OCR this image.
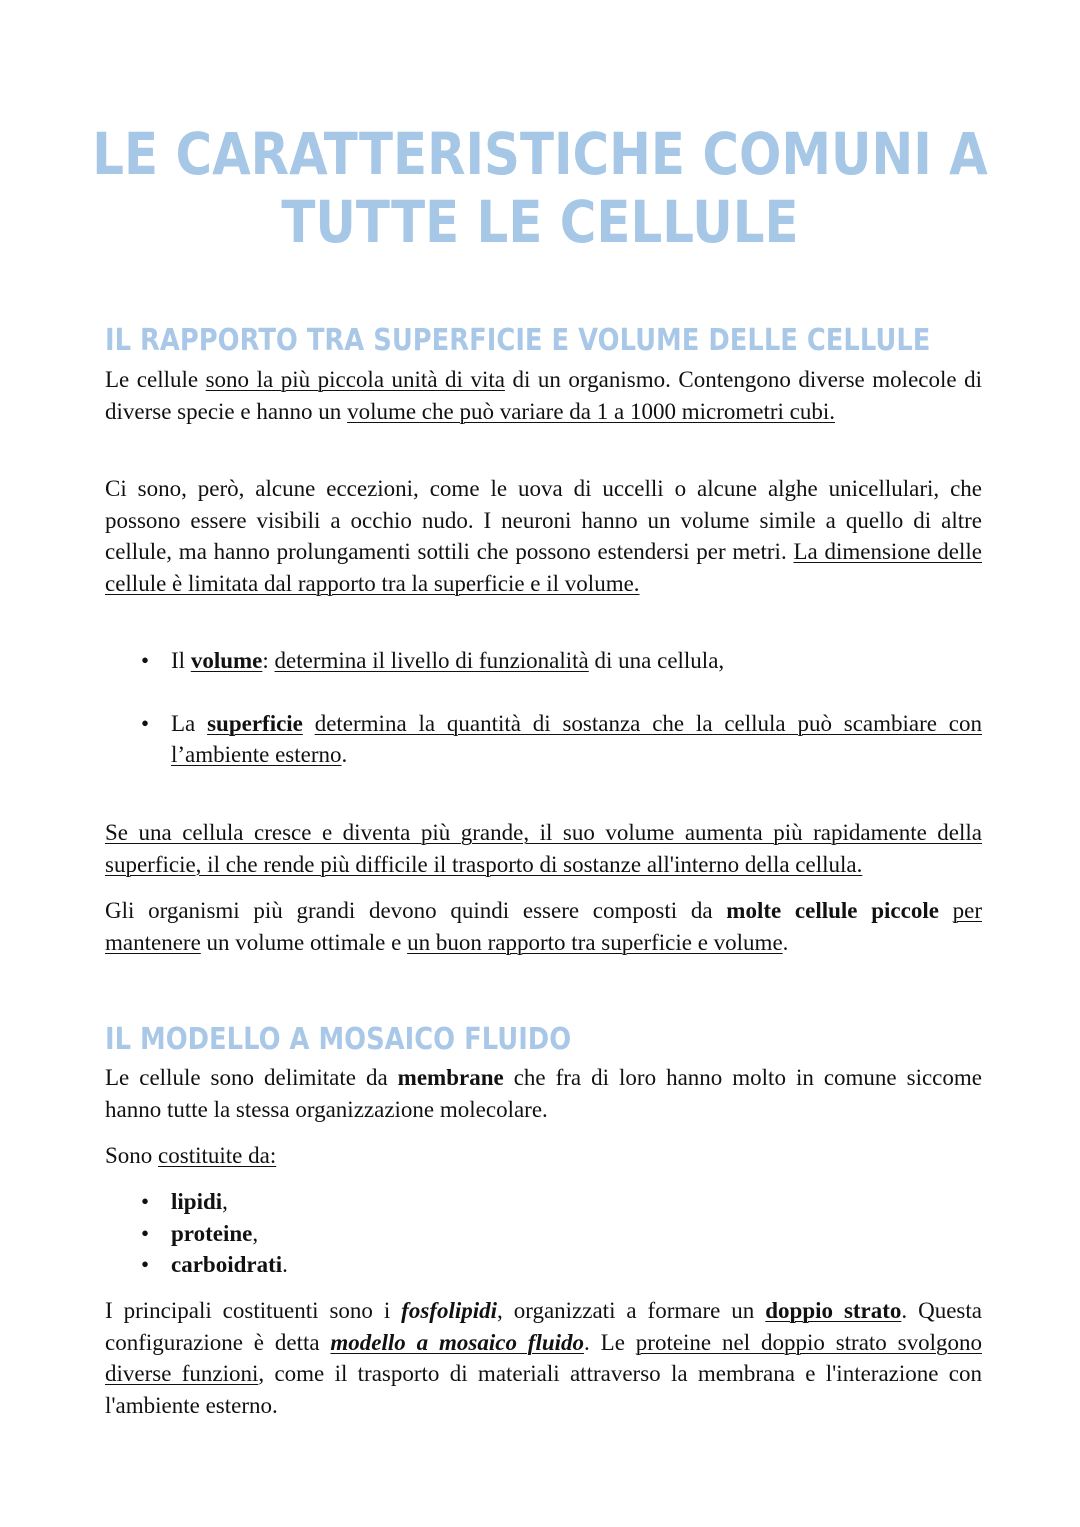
LE CARATTERISTICHE COMUNI A
TUTTE LE CELLULE
IL RAPPORTO TRA SUPERFICIE E VOLUME DELLE CELLULE

Le cellule sono la più piccola unità di vita di un organismo. Contengono diverse molecole di diverse specie e hanno un volume che può variare da 1 a 1000 micrometri cubi.

Ci sono, però, alcune eccezioni, come le uova di uccelli o alcune alghe unicellulari, che possono essere visibili a occhio nudo. I neuroni hanno un volume simile a quello di altre cellule, ma hanno prolungamenti sottili che possono estendersi per metri. La dimensione delle cellule è limitata dal rapporto tra la superficie e il volume.

• Il volume: determina il livello di funzionalità di una cellula,
• La superficie determina la quantità di sostanza che la cellula può scambiare con l’ambiente esterno.

Se una cellula cresce e diventa più grande, il suo volume aumenta più rapidamente della superficie, il che rende più difficile il trasporto di sostanze all'interno della cellula.

Gli organismi più grandi devono quindi essere composti da molte cellule piccole per mantenere un volume ottimale e un buon rapporto tra superficie e volume.

IL MODELLO A MOSAICO FLUIDO

Le cellule sono delimitate da membrane che fra di loro hanno molto in comune siccome hanno tutte la stessa organizzazione molecolare.

Sono costituite da:

• lipidi,
• proteine,
• carboidrati.

I principali costituenti sono i fosfolipidi, organizzati a formare un doppio strato. Questa configurazione è detta modello a mosaico fluido. Le proteine nel doppio strato svolgono diverse funzioni, come il trasporto di materiali attraverso la membrana e l'interazione con l'ambiente esterno.
